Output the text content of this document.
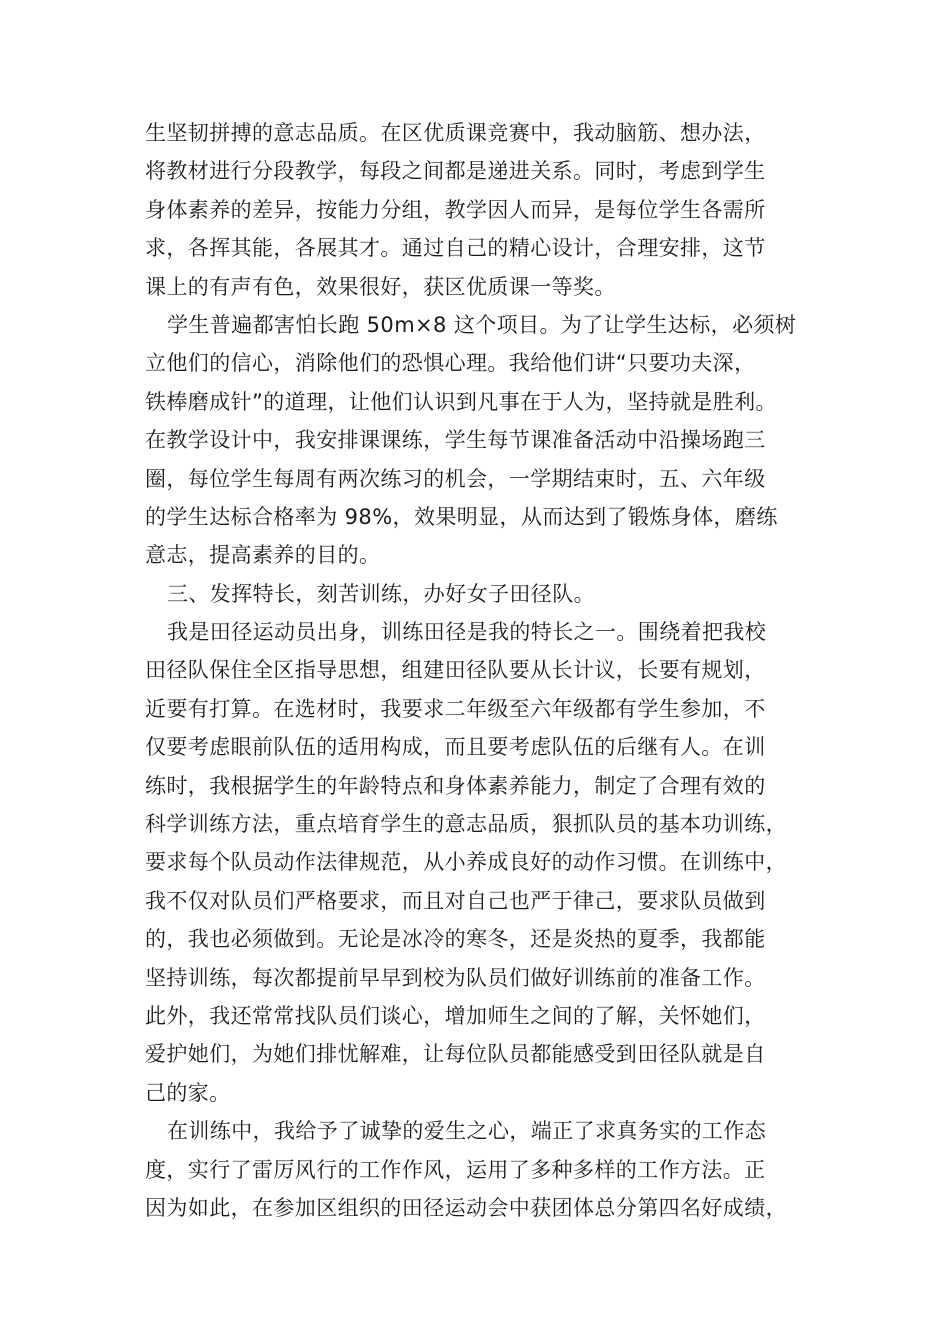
生坚韧拼搏的意志品质。在区优质课竞赛中，我动脑筋、想办法，
将教材进行分段教学，每段之间都是递进关系。同时，考虑到学生
身体素养的差异，按能力分组，教学因人而异，是每位学生各需所
求，各挥其能，各展其才。通过自己的精心设计，合理安排，这节
课上的有声有色，效果很好，获区优质课一等奖。
学生普遍都害怕长跑 50m×8 这个项目。为了让学生达标，必须树
立他们的信心，消除他们的恐惧心理。我给他们讲“只要功夫深，
铁棒磨成针”的道理，让他们认识到凡事在于人为，坚持就是胜利。
在教学设计中，我安排课课练，学生每节课准备活动中沿操场跑三
圈，每位学生每周有两次练习的机会，一学期结束时，五、六年级
的学生达标合格率为 98%，效果明显，从而达到了锻炼身体，磨练
意志，提高素养的目的。
三、发挥特长，刻苦训练，办好女子田径队。
我是田径运动员出身，训练田径是我的特长之一。围绕着把我校
田径队保住全区指导思想，组建田径队要从长计议，长要有规划，
近要有打算。在选材时，我要求二年级至六年级都有学生参加，不
仅要考虑眼前队伍的适用构成，而且要考虑队伍的后继有人。在训
练时，我根据学生的年龄特点和身体素养能力，制定了合理有效的
科学训练方法，重点培育学生的意志品质，狠抓队员的基本功训练，
要求每个队员动作法律规范，从小养成良好的动作习惯。在训练中，
我不仅对队员们严格要求，而且对自己也严于律己，要求队员做到
的，我也必须做到。无论是冰冷的寒冬，还是炎热的夏季，我都能
坚持训练，每次都提前早早到校为队员们做好训练前的准备工作。
此外，我还常常找队员们谈心，增加师生之间的了解，关怀她们，
爱护她们，为她们排忧解难，让每位队员都能感受到田径队就是自
己的家。
在训练中，我给予了诚挚的爱生之心，端正了求真务实的工作态
度，实行了雷厉风行的工作作风，运用了多种多样的工作方法。正
因为如此，在参加区组织的田径运动会中获团体总分第四名好成绩，
